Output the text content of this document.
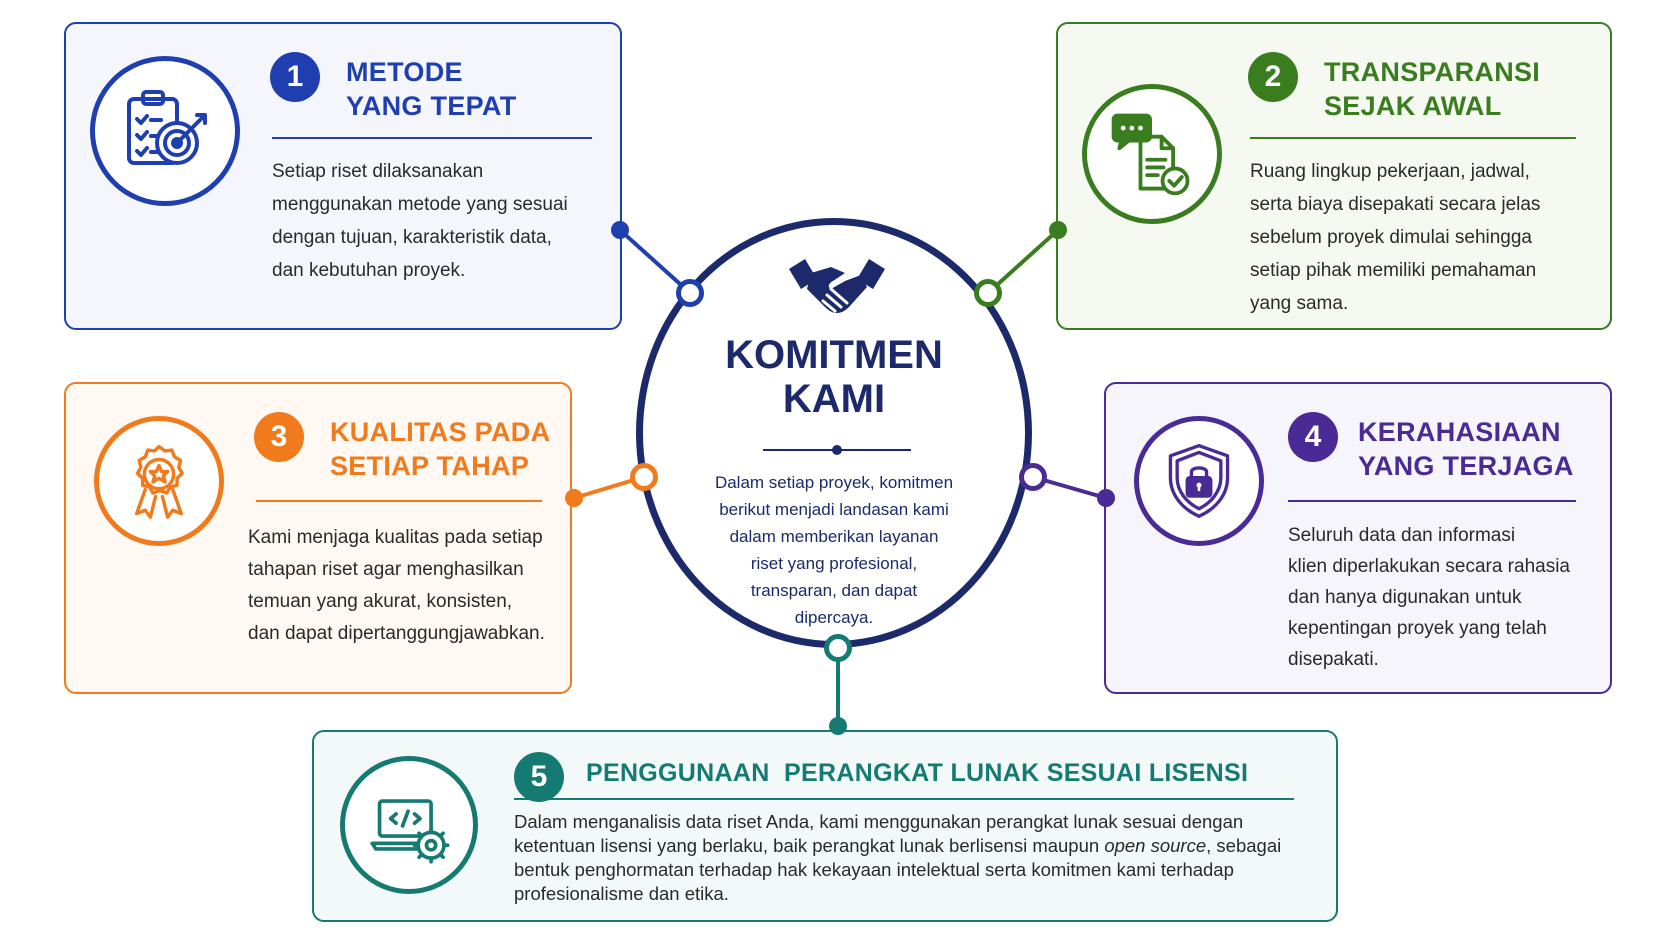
1	METODE
YANG TEPAT
Setiap riset dilaksanakan
menggunakan metode yang sesuai
dengan tujuan, karakteristik data,
dan kebutuhan proyek.
2	TRANSPARANSI
SEJAK AWAL
Ruang lingkup pekerjaan, jadwal,
serta biaya disepakati secara jelas
sebelum proyek dimulai sehingga
setiap pihak memiliki pemahaman
yang sama.
3	KUALITAS PADA
SETIAP TAHAP
Kami menjaga kualitas pada setiap
tahapan riset agar menghasilkan
temuan yang akurat, konsisten,
dan dapat dipertanggungjawabkan.
4	KERAHASIAAN
YANG TERJAGA
Seluruh data dan informasi
klien diperlakukan secara rahasia
dan hanya digunakan untuk
kepentingan proyek yang telah
disepakati.
5	PENGGUNAAN  PERANGKAT LUNAK SESUAI LISENSI
Dalam menganalisis data riset Anda, kami menggunakan perangkat lunak sesuai dengan
ketentuan lisensi yang berlaku, baik perangkat lunak berlisensi maupun open source, sebagai
bentuk penghormatan terhadap hak kekayaan intelektual serta komitmen kami terhadap
profesionalisme dan etika.
KOMITMEN
KAMI
Dalam setiap proyek, komitmen
berikut menjadi landasan kami
dalam memberikan layanan
riset yang profesional,
transparan, dan dapat
dipercaya.
